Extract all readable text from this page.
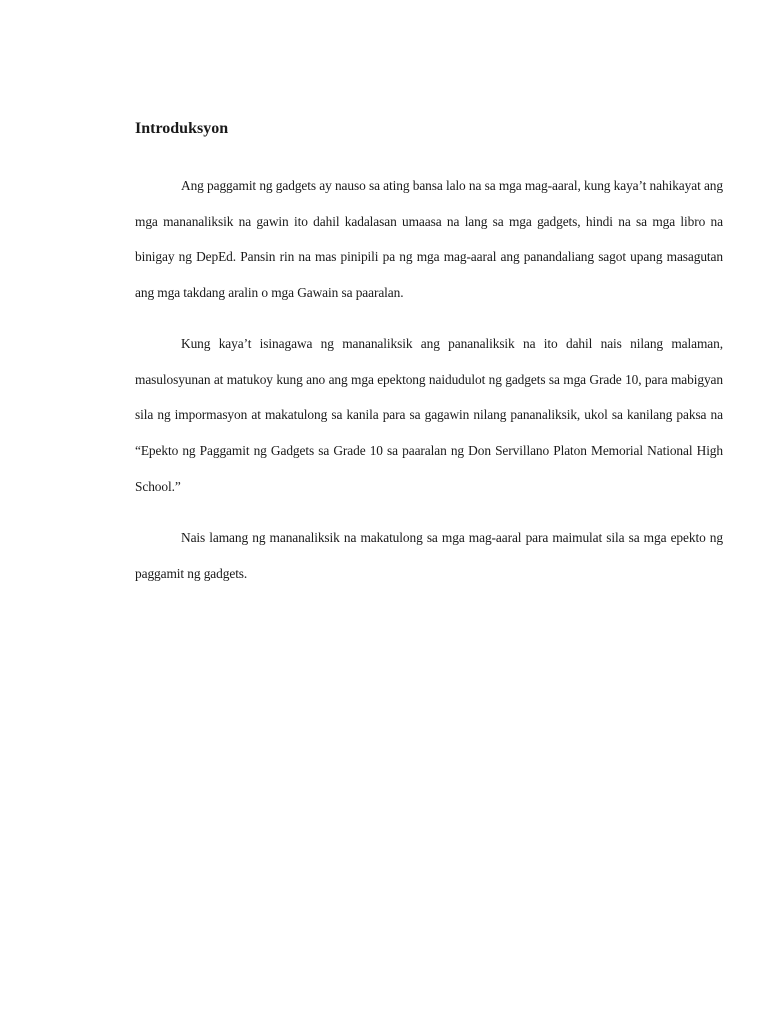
Introduksyon

Ang paggamit ng gadgets ay nauso sa ating bansa lalo na sa mga mag-aaral, kung kaya’t nahikayat ang mga mananaliksik na gawin ito dahil kadalasan umaasa na lang sa mga gadgets, hindi na sa mga libro na binigay ng DepEd. Pansin rin na mas pinipili pa ng mga mag-aaral ang panandaliang sagot upang masagutan ang mga takdang aralin o mga Gawain sa paaralan.

Kung kaya’t isinagawa ng mananaliksik ang pananaliksik na ito dahil nais nilang malaman, masulosyunan at matukoy kung ano ang mga epektong naidudulot ng gadgets sa mga Grade 10, para mabigyan sila ng impormasyon at makatulong sa kanila para sa gagawin nilang pananaliksik, ukol sa kanilang paksa na “Epekto ng Paggamit ng Gadgets sa Grade 10 sa paaralan ng Don Servillano Platon Memorial National High School.”

Nais lamang ng mananaliksik na makatulong sa mga mag-aaral para maimulat sila sa mga epekto ng paggamit ng gadgets.
